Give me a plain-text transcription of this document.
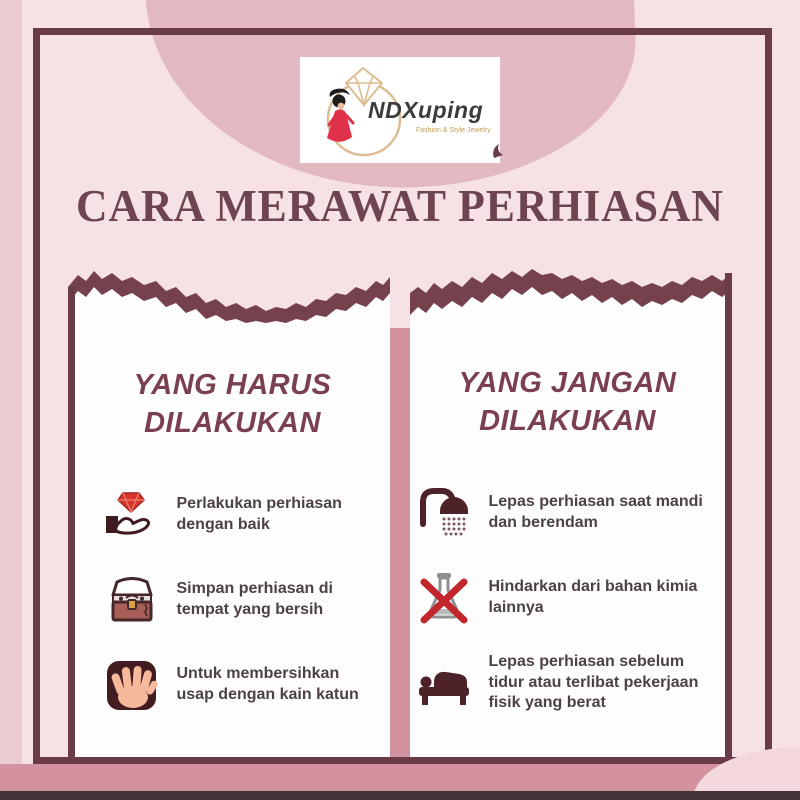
NDXuping
Fashion & Style Jewelry
CARA MERAWAT PERHIASAN
YANG HARUS
DILAKUKAN
Perlakukan perhiasan dengan baik
Simpan perhiasan di tempat yang bersih
Untuk membersihkan usap dengan kain katun
YANG JANGAN
DILAKUKAN
Lepas perhiasan saat mandi dan berendam
Hindarkan dari bahan kimia lainnya
Lepas perhiasan sebelum tidur atau terlibat pekerjaan fisik yang berat
